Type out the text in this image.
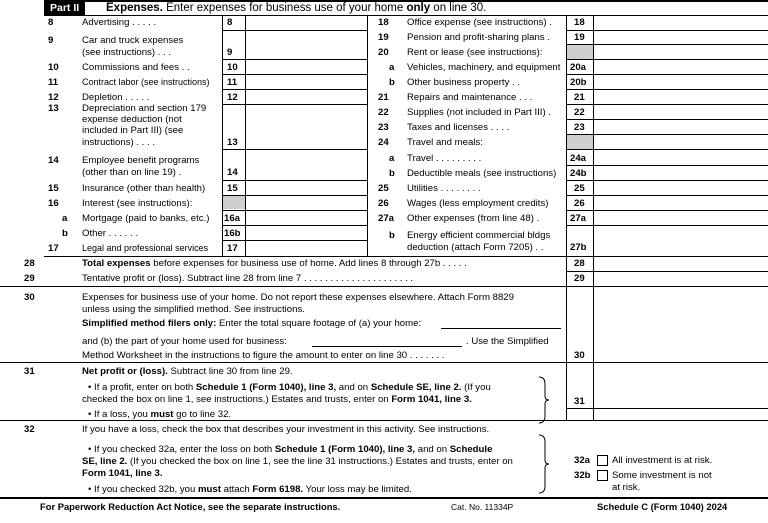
Part II	Expenses. Enter expenses for business use of your home only on line 30.
8	Advertising . . . . .	8
9	Car and truck expenses
(see instructions) . . .	9
10 Commissions and fees . .	10
11	Contract labor (see instructions) 11
12 Depletion . . . . .	12
13 Depreciation and section 179
expense deduction (not
included in Part III) (see
instructions) . . . .	13
14 Employee benefit programs
(other than on line 19) .	14
15 Insurance (other than health) 15
16 Interest (see instructions):
a Mortgage (paid to banks, etc.) 16a
b Other . . . . . .	16b
17	Legal and professional services 17
18 Office expense (see instructions) . 18
19 Pension and profit-sharing plans .	19
20 Rent or lease (see instructions):
a Vehicles, machinery, and equipment 20a
b Other business property . .	20b
21 Repairs and maintenance . . .	21
22 Supplies (not included in Part III) . 22
23 Taxes and licenses . . . .	23
24 Travel and meals:
a Travel . . . . . . . . .	24a
b Deductible meals (see instructions) 24b
25 Utilities . . . . . . . .	25
26 Wages (less employment credits)	26
27a Other expenses (from line 48) .	27a
b Energy efficient commercial bldgs
deduction (attach Form 7205) . .	27b
28	Total expenses before expenses for business use of home. Add lines 8 through 27b . . . . .	28
29	Tentative profit or (loss). Subtract line 28 from line 7 . . . . . . . . . . . . . . . . . . . . .	29
30	Expenses for business use of your home. Do not report these expenses elsewhere. Attach Form 8829
unless using the simplified method. See instructions.
Simplified method filers only: Enter the total square footage of (a) your home:
and (b) the part of your home used for business:	. Use the Simplified
Method Worksheet in the instructions to figure the amount to enter on line 30 . . . . . . .	30
31	Net profit or (loss). Subtract line 30 from line 29.
• If a profit, enter on both Schedule 1 (Form 1040), line 3, and on Schedule SE, line 2. (If you
checked the box on line 1, see instructions.) Estates and trusts, enter on Form 1041, line 3.
• If a loss, you must go to line 32.
31
32	If you have a loss, check the box that describes your investment in this activity. See instructions.
• If you checked 32a, enter the loss on both Schedule 1 (Form 1040), line 3, and on Schedule
SE, line 2. (If you checked the box on line 1, see the line 31 instructions.) Estates and trusts, enter on
Form 1041, line 3.
• If you checked 32b, you must attach Form 6198. Your loss may be limited.
32a All investment is at risk.
32b Some investment is not
at risk.
For Paperwork Reduction Act Notice, see the separate instructions.	Cat. No. 11334P	Schedule C (Form 1040) 2024
